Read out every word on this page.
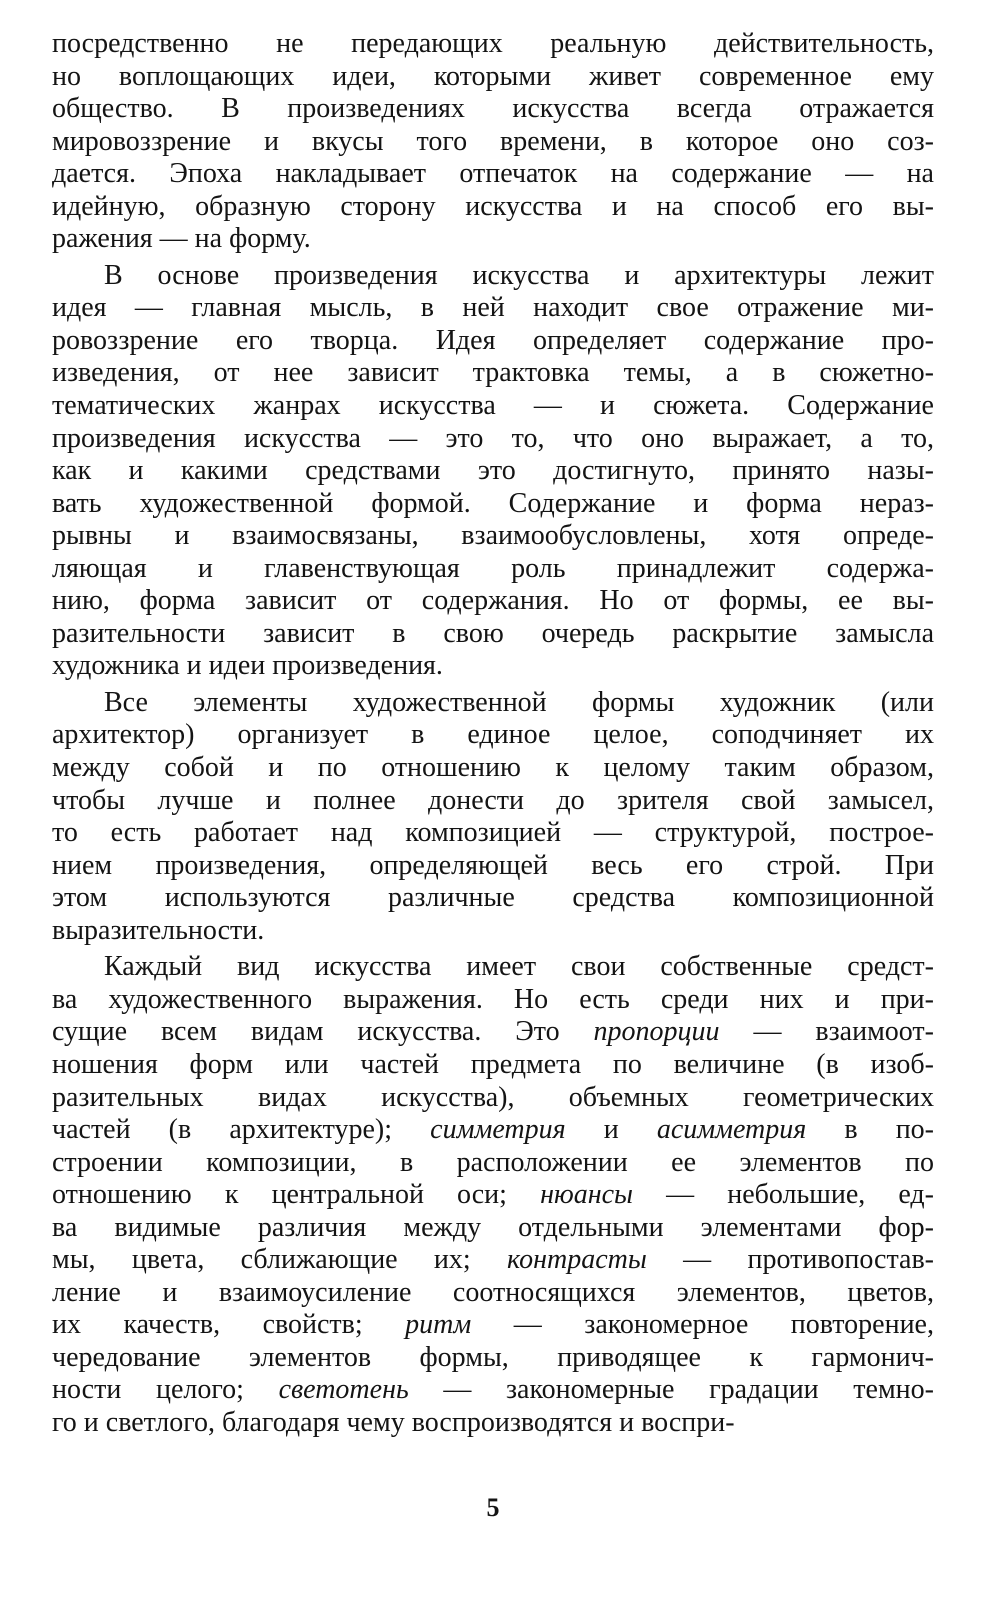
посредственно не передающих реальную действительность,
но воплощающих идеи, которыми живет современное ему
общество. В произведениях искусства всегда отражается
мировоззрение и вкусы того времени, в которое оно соз-
дается. Эпоха накладывает отпечаток на содержание — на
идейную, образную сторону искусства и на способ его вы-
ражения — на форму.
В основе произведения искусства и архитектуры лежит
идея — главная мысль, в ней находит свое отражение ми-
ровоззрение его творца. Идея определяет содержание про-
изведения, от нее зависит трактовка темы, а в сюжетно-
тематических жанрах искусства — и сюжета. Содержание
произведения искусства — это то, что оно выражает, а то,
как и какими средствами это достигнуто, принято назы-
вать художественной формой. Содержание и форма нераз-
рывны и взаимосвязаны, взаимообусловлены, хотя опреде-
ляющая и главенствующая роль принадлежит содержа-
нию, форма зависит от содержания. Но от формы, ее вы-
разительности зависит в свою очередь раскрытие замысла
художника и идеи произведения.
Все элементы художественной формы художник (или
архитектор) организует в единое целое, соподчиняет их
между собой и по отношению к целому таким образом,
чтобы лучше и полнее донести до зрителя свой замысел,
то есть работает над композицией — структурой, построе-
нием произведения, определяющей весь его строй. При
этом используются различные средства композиционной
выразительности.
Каждый вид искусства имеет свои собственные средст-
ва художественного выражения. Но есть среди них и при-
сущие всем видам искусства. Это пропорции — взаимоот-
ношения форм или частей предмета по величине (в изоб-
разительных видах искусства), объемных геометрических
частей (в архитектуре); симметрия и асимметрия в по-
строении композиции, в расположении ее элементов по
отношению к центральной оси; нюансы — небольшие, ед-
ва видимые различия между отдельными элементами фор-
мы, цвета, сближающие их; контрасты — противопостав-
ление и взаимоусиление соотносящихся элементов, цветов,
их качеств, свойств; ритм — закономерное повторение,
чередование элементов формы, приводящее к гармонич-
ности целого; светотень — закономерные градации темно-
го и светлого, благодаря чему воспроизводятся и воспри-
5
